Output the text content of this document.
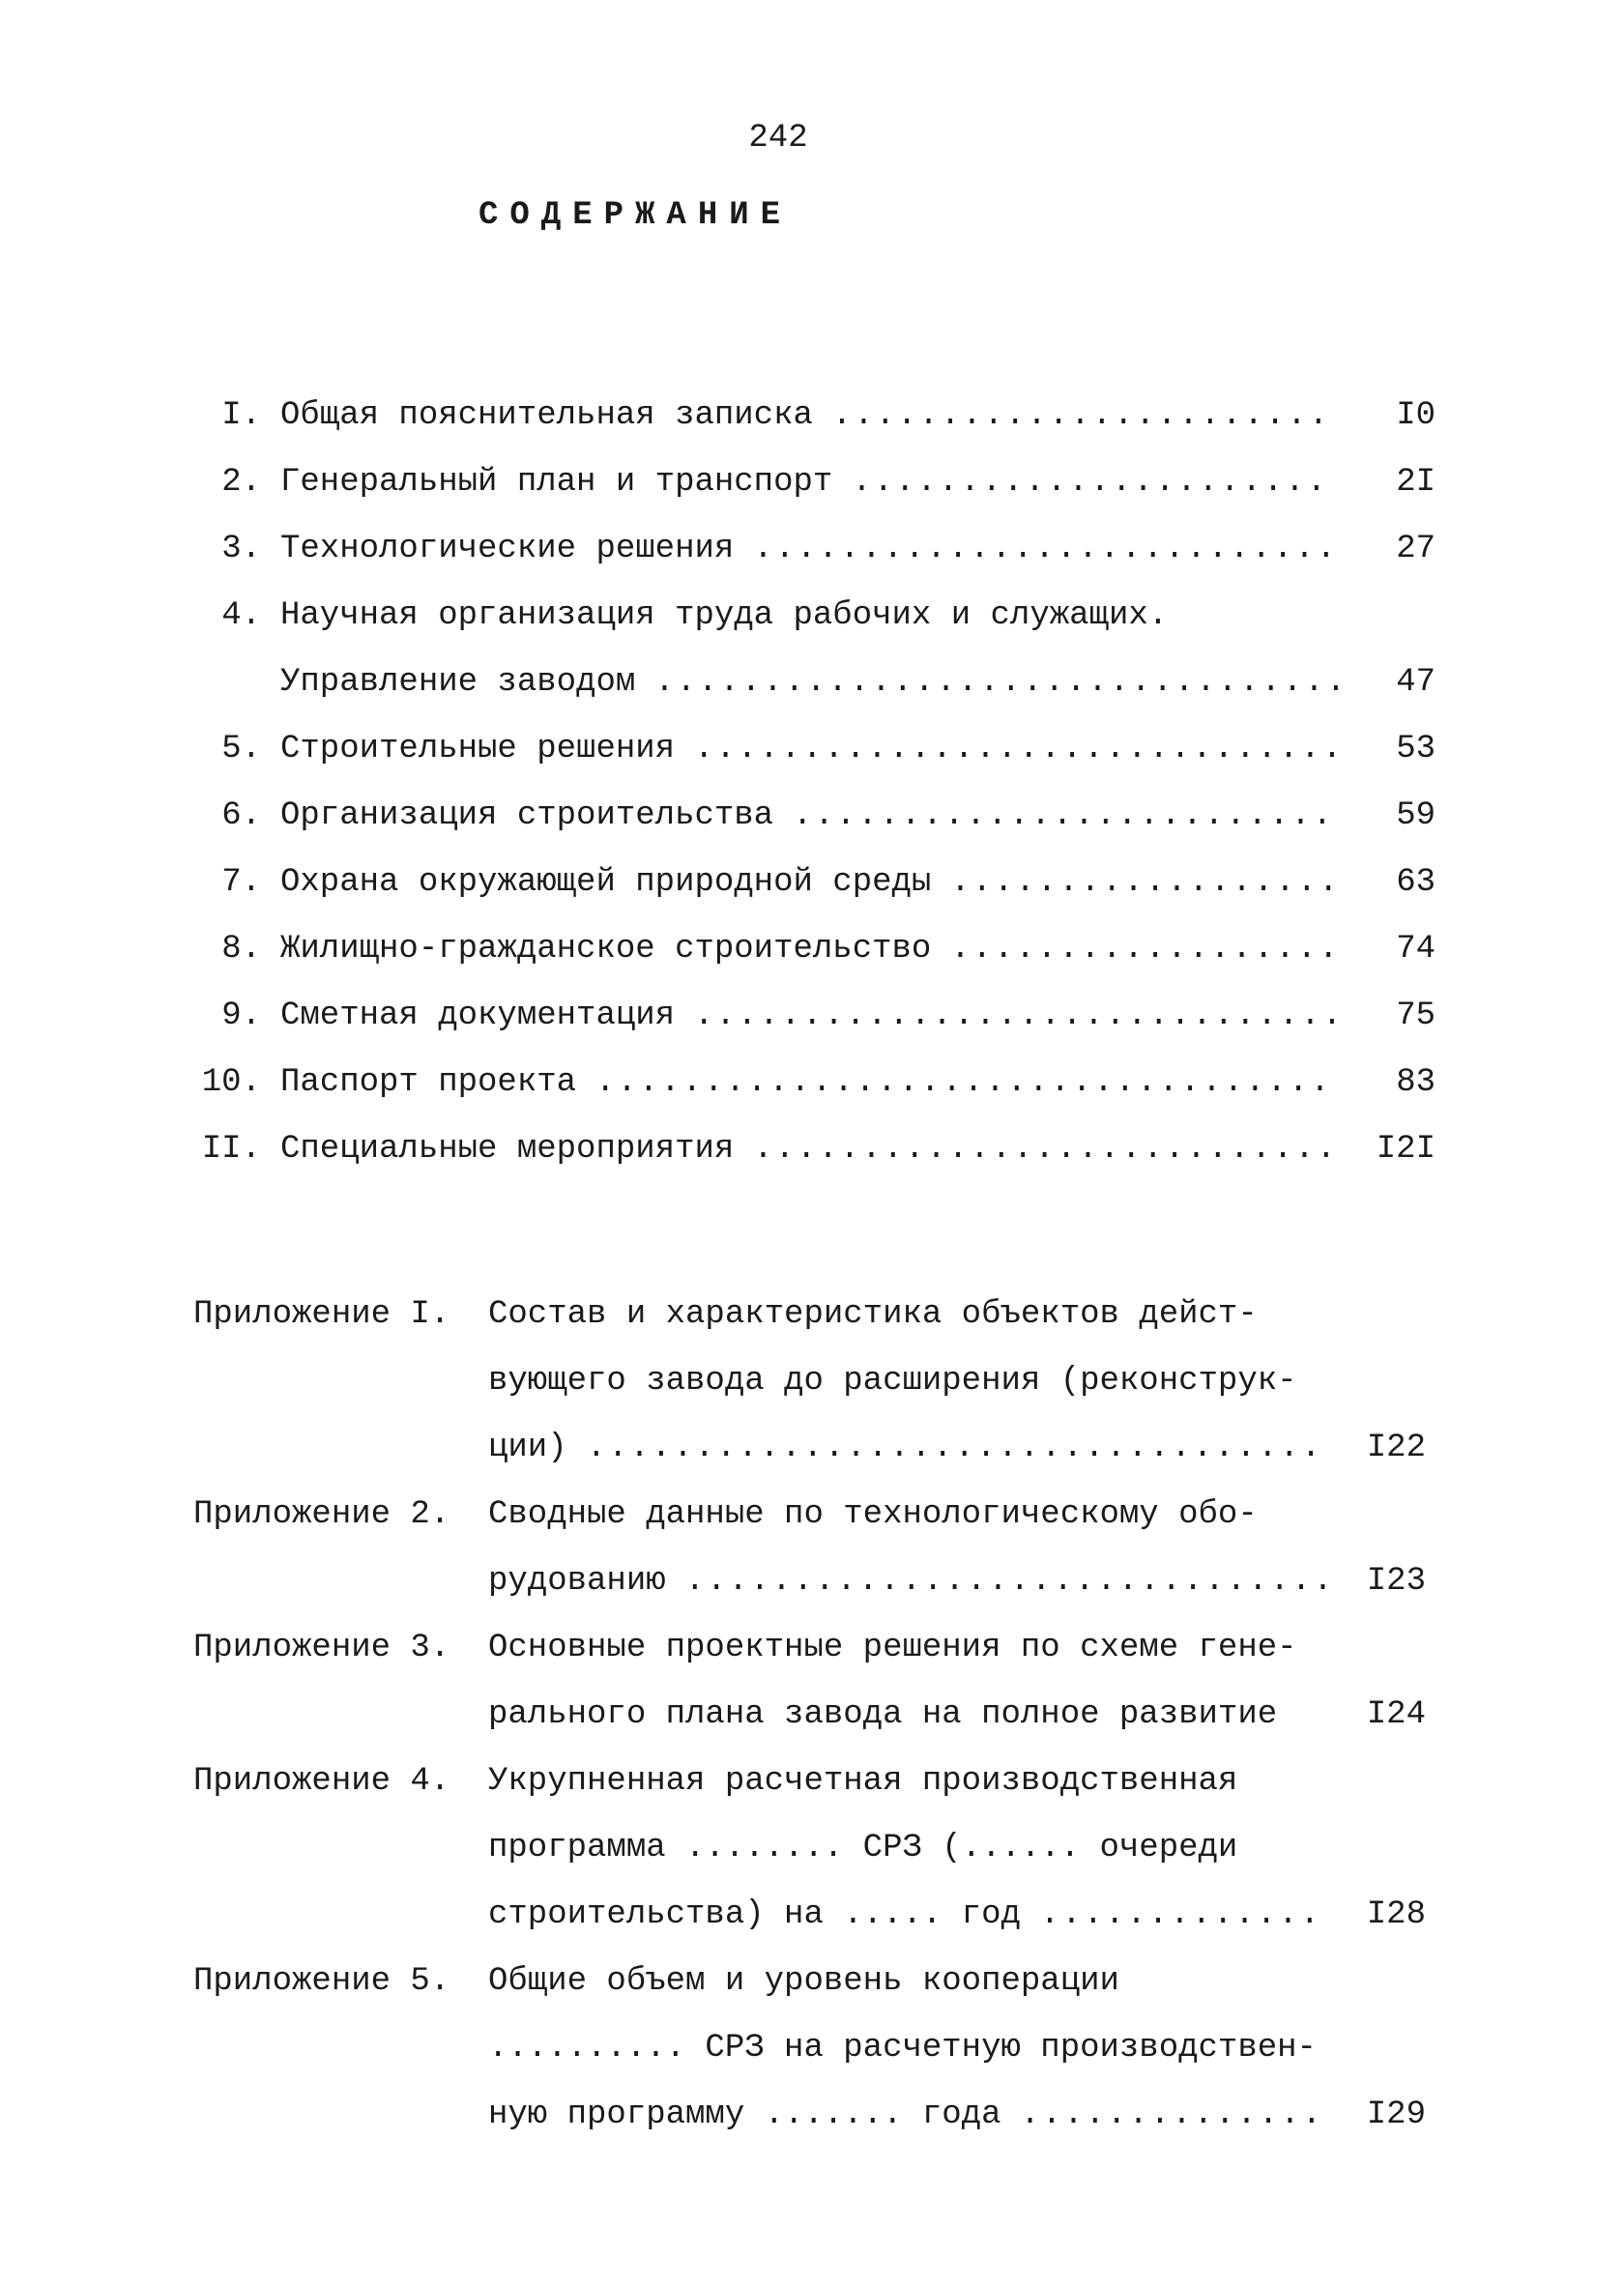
242
СОДЕРЖАНИЕ
I. Общая пояснительная записка .......................	I0
2. Генеральный план и транспорт ......................	2I
3. Технологические решения ...........................	27
4. Научная организация труда рабочих и служащих.
Управление заводом ................................	47
5. Строительные решения ..............................	53
6. Организация строительства .........................	59
7. Охрана окружающей природной среды ..................	63
8. Жилищно-гражданское строительство ..................	74
9. Сметная документация ..............................	75
10. Паспорт проекта ..................................	83
II. Специальные мероприятия ...........................	I2I
Приложение I. Состав и характеристика объектов дейст-
вующего завода до расширения (реконструк-
ции) ..................................	I22
Приложение 2. Сводные данные по технологическому обо-
рудованию .............................. I23
Приложение 3. Основные проектные решения по схеме гене-
рального плана завода на полное развитие	I24
Приложение 4. Укрупненная расчетная производственная
программа ........ СРЗ (...... очереди
строительства) на ..... год .............	I28
Приложение 5. Общие объем и уровень кооперации
.......... СРЗ на расчетную производствен-
ную программу ....... года ..............	I29
